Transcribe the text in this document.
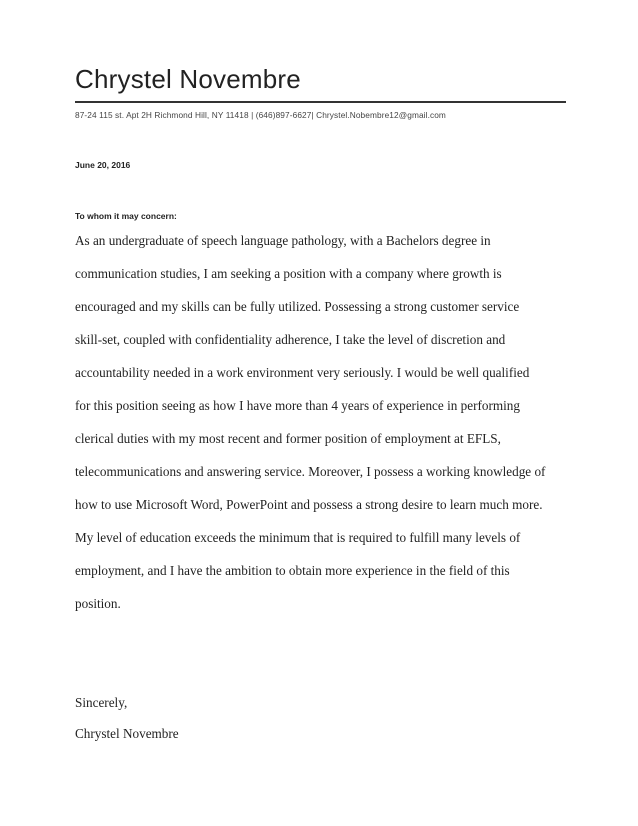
Chrystel Novembre
87-24 115 st. Apt 2H Richmond Hill, NY 11418 | (646)897-6627| Chrystel.Nobembre12@gmail.com
June 20, 2016
To whom it may concern:
As an undergraduate of speech language pathology, with a Bachelors degree in
communication studies, I am seeking a position with a company where growth is
encouraged and my skills can be fully utilized. Possessing a strong customer service
skill-set, coupled with confidentiality adherence, I take the level of discretion and
accountability needed in a work environment very seriously. I would be well qualified
for this position seeing as how I have more than 4 years of experience in performing
clerical duties with my most recent and former position of employment at EFLS,
telecommunications and answering service. Moreover, I possess a working knowledge of
how to use Microsoft Word, PowerPoint and possess a strong desire to learn much more.
My level of education exceeds the minimum that is required to fulfill many levels of
employment, and I have the ambition to obtain more experience in the field of this
position.
Sincerely,
Chrystel Novembre
